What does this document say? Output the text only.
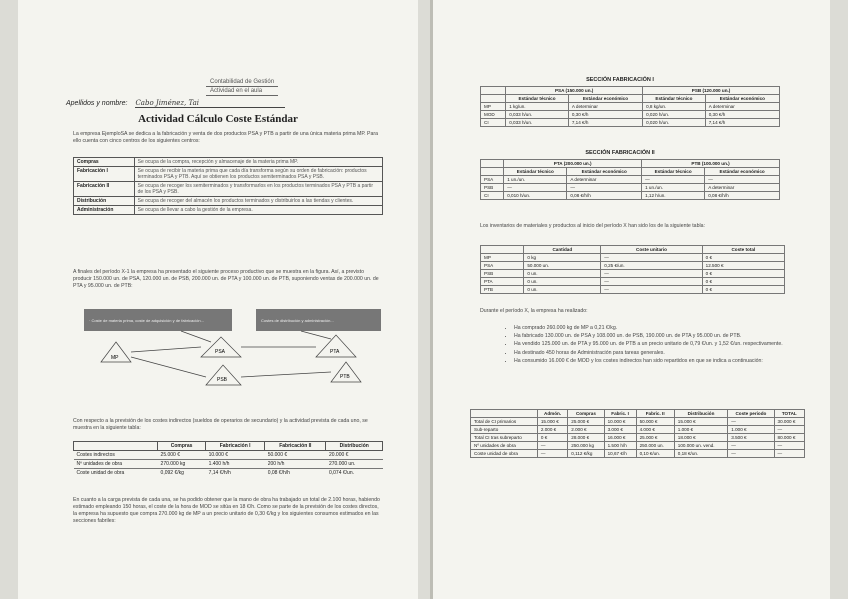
Contabilidad de Gestión
Actividad en el aula
Apellidos y nombre: Cabo Jiménez, Tai
Actividad Cálculo Coste Estándar
La empresa EjemploSA se dedica a la fabricación y venta de dos productos PSA y PTB a partir de una única materia prima MP. Para ello cuenta con cinco centros de los siguientes centros:
Compras	Se ocupa de la compra, recepción y almacenaje de la materia prima MP.
Fabricación I	Se ocupa de recibir la materia prima que cada día transforma según su orden de fabricación: productos terminados PSA y PTB. Aquí se obtienen los productos semiterminados PSA y PSB.
Fabricación II	Se ocupa de recoger los semiterminados y transformarlos en los productos terminados PSA y PTB a partir de los PSA y PSB.
Distribución	Se ocupa de recoger del almacén los productos terminados y distribuirlos a las tiendas y clientes.
Administración	Se ocupa de llevar a cabo la gestión de la empresa.
A finales del período X-1 la empresa ha presentado el siguiente proceso productivo que se muestra en la figura. Así, a previsto producir 150.000 un. de PSA, 120.000 un. de PSB, 200.000 un. de PTA y 100.000 un. de PTB, suponiendo ventas de 200.000 un. de PTA y 95.000 un. de PTB:
· Coste de materia prima, coste de adquisición y de fabricación...	Costes de distribución y administración...
MP
PSA
PSB
PTA
PTB
Con respecto a la previsión de los costes indirectos (sueldos de operarios de secundario) y la actividad prevista de cada uno, se muestra en la siguiente tabla:
	Compras	Fabricación I	Fabricación II	Distribución
Costes indirectos	25.000 €	10.000 €	50.000 €	20.000 €
Nº unidades de obra	270.000 kg	1.400 h/h	200 h/h	270.000 un.
Coste unidad de obra	0,092 €/kg	7,14 €/h/h	0,08 €/h/h	0,074 €/un.
En cuanto a la carga prevista de cada una, se ha podido obtener que la mano de obra ha trabajado un total de 2.100 horas, habiendo estimado empleando 150 horas, el coste de la hora de MOD se sitúa en 18 €/h. Como se parte de la previsión de los costes directos, la empresa ha supuesto que compra 270.000 kg de MP a un precio unitario de 0,30 €/kg y los siguientes consumos estimados en las secciones fabriles:
SECCIÓN FABRICACIÓN I
	PSA (150.000 un.)		PSB (120.000 un.)	
	Estándar técnico	Estándar económico	Estándar técnico	Estándar económico
MP	1 kg/un.	A determinar	0,8 kg/un.	A determinar
MOD	0,033 h/un.	0,30 €/h	0,020 h/un.	0,30 €/h
CI	0,033 h/un.	7,14 €/h	0,020 h/un.	7,14 €/h
SECCIÓN FABRICACIÓN II
	PTA (200.000 un.)		PTB (100.000 un.)	
	Estándar técnico	Estándar económico	Estándar técnico	Estándar económico
PSA	1 un./un.	A determinar	—	—
PSB	—	—	1 un./un.	A determinar
CI	0,010 h/un.	0,08 €/h/h	1,12 h/un.	0,08 €/h/h
Los inventarios de materiales y productos al inicio del período X han sido los de la siguiente tabla:
	Cantidad	Coste unitario	Coste total
MP	0 kg	—	0 €
PSA	50.000 un.	0,25 €/un.	12.500 €
PSB	0 un.	—	0 €
PTA	0 un.	—	0 €
PTB	0 un.	—	0 €
Durante el período X, la empresa ha realizado:
• Ha comprado 260.000 kg de MP a 0,21 €/kg.
• Ha fabricado 130.000 un. de PSA y 108.000 un. de PSB, 190.000 un. de PTA y 95.000 un. de PTB.
• Ha vendido 125.000 un. de PTA y 95.000 un. de PTB a un precio unitario de 0,79 €/un. y 1,52 €/un. respectivamente.
• Ha destinado 450 horas de Administración para tareas generales.
• Ha consumido 16.000 € de MOD y los costes indirectos han sido repartidos en que se indica a continuación:
	Admón.	Compras	Fabric. I	Fabric. II	Distribución	Coste periodo	TOTAL
Total de CI primarios	15.000 €	25.000 €	10.000 €	50.000 €	15.000 €	—	30.000 €
Sub-reparto	2.000 €	2.000 €	3.000 €	4.000 €	1.000 €	1.000 €	—
Total CI tras subreparto	0 €	28.000 €	16.000 €	25.000 €	18.000 €	3.500 €	80.000 €
Nº unidades de obra	—	250.000 kg	1.500 h/h	250.000 un.	100.000 un. vend.	—	—
Coste unidad de obra	—	0,112 €/kg	10,67 €/h	0,10 €/un.	0,18 €/un.	—	—
